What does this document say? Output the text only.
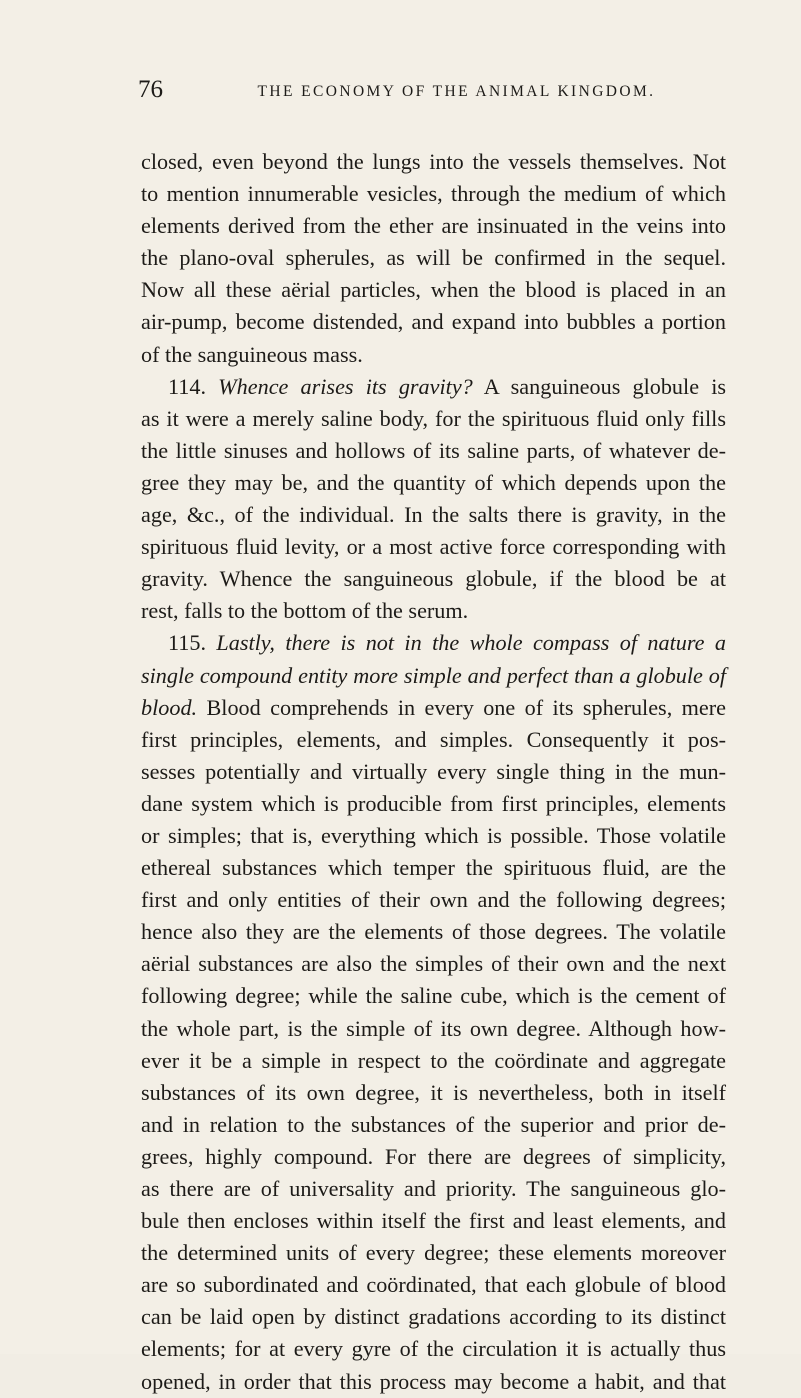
76	THE ECONOMY OF THE ANIMAL KINGDOM.
closed, even beyond the lungs into the vessels themselves. Not
to mention innumerable vesicles, through the medium of which
elements derived from the ether are insinuated in the veins into
the plano-oval spherules, as will be confirmed in the sequel.
Now all these aërial particles, when the blood is placed in an
air-pump, become distended, and expand into bubbles a portion
of the sanguineous mass.
114. Whence arises its gravity? A sanguineous globule is
as it were a merely saline body, for the spirituous fluid only fills
the little sinuses and hollows of its saline parts, of whatever de-
gree they may be, and the quantity of which depends upon the
age, &c., of the individual. In the salts there is gravity, in the
spirituous fluid levity, or a most active force corresponding with
gravity. Whence the sanguineous globule, if the blood be at
rest, falls to the bottom of the serum.
115. Lastly, there is not in the whole compass of nature a
single compound entity more simple and perfect than a globule of
blood. Blood comprehends in every one of its spherules, mere
first principles, elements, and simples. Consequently it pos-
sesses potentially and virtually every single thing in the mun-
dane system which is producible from first principles, elements
or simples; that is, everything which is possible. Those volatile
ethereal substances which temper the spirituous fluid, are the
first and only entities of their own and the following degrees;
hence also they are the elements of those degrees. The volatile
aërial substances are also the simples of their own and the next
following degree; while the saline cube, which is the cement of
the whole part, is the simple of its own degree. Although how-
ever it be a simple in respect to the coördinate and aggregate
substances of its own degree, it is nevertheless, both in itself
and in relation to the substances of the superior and prior de-
grees, highly compound. For there are degrees of simplicity,
as there are of universality and priority. The sanguineous glo-
bule then encloses within itself the first and least elements, and
the determined units of every degree; these elements moreover
are so subordinated and coördinated, that each globule of blood
can be laid open by distinct gradations according to its distinct
elements; for at every gyre of the circulation it is actually thus
opened, in order that this process may become a habit, and that
